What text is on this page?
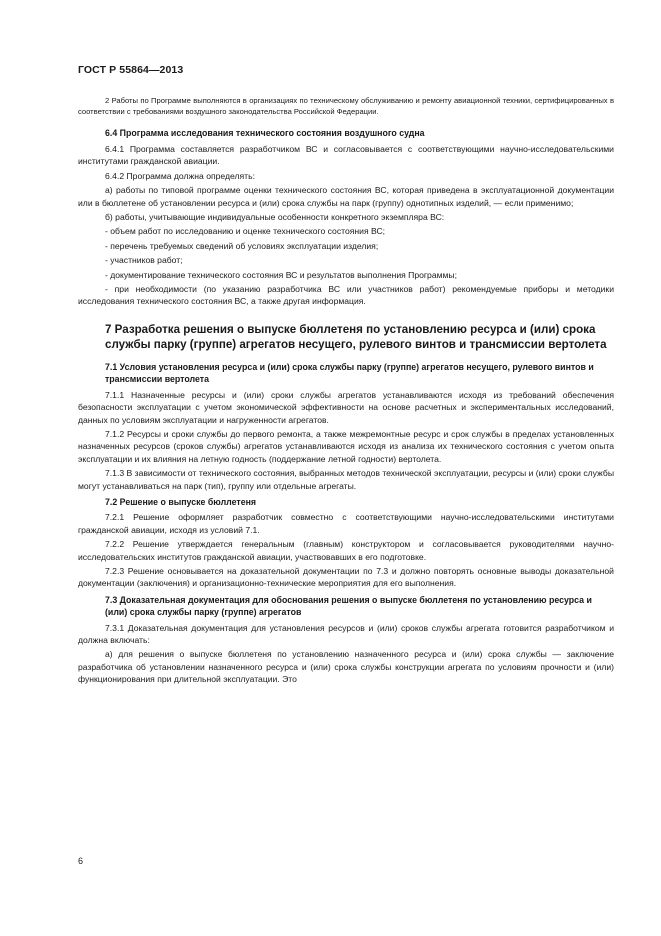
ГОСТ Р 55864—2013

2 Работы по Программе выполняются в организациях по техническому обслуживанию и ремонту авиационной техники, сертифицированных в соответствии с требованиями воздушного законодательства Российской Федерации.

6.4 Программа исследования технического состояния воздушного судна

6.4.1 Программа составляется разработчиком ВС и согласовывается с соответствующими научно-исследовательскими институтами гражданской авиации.

6.4.2 Программа должна определять:

а) работы по типовой программе оценки технического состояния ВС, которая приведена в эксплуатационной документации или в бюллетене об установлении ресурса и (или) срока службы на парк (группу) однотипных изделий, — если применимо;

б) работы, учитывающие индивидуальные особенности конкретного экземпляра ВС:

- объем работ по исследованию и оценке технического состояния ВС;

- перечень требуемых сведений об условиях эксплуатации изделия;

- участников работ;

- документирование технического состояния ВС и результатов выполнения Программы;

- при необходимости (по указанию разработчика ВС или участников работ) рекомендуемые приборы и методики исследования технического состояния ВС, а также другая информация.

7 Разработка решения о выпуске бюллетеня по установлению ресурса и (или) срока службы парку (группе) агрегатов несущего, рулевого винтов и трансмиссии вертолета
7.1 Условия установления ресурса и (или) срока службы парку (группе) агрегатов несущего, рулевого винтов и трансмиссии вертолета

7.1.1 Назначенные ресурсы и (или) сроки службы агрегатов устанавливаются исходя из требований обеспечения безопасности эксплуатации с учетом экономической эффективности на основе расчетных и экспериментальных исследований, данных по условиям эксплуатации и нагруженности агрегатов.

7.1.2 Ресурсы и сроки службы до первого ремонта, а также межремонтные ресурс и срок службы в пределах установленных назначенных ресурсов (сроков службы) агрегатов устанавливаются исходя из анализа их технического состояния с учетом опыта эксплуатации и их влияния на летную годность (поддержание летной годности) вертолета.

7.1.3 В зависимости от технического состояния, выбранных методов технической эксплуатации, ресурсы и (или) сроки службы могут устанавливаться на парк (тип), группу или отдельные агрегаты.

7.2 Решение о выпуске бюллетеня

7.2.1 Решение оформляет разработчик совместно с соответствующими научно-исследовательскими институтами гражданской авиации, исходя из условий 7.1.

7.2.2 Решение утверждается генеральным (главным) конструктором и согласовывается руководителями научно-исследовательских институтов гражданской авиации, участвовавших в его подготовке.

7.2.3 Решение основывается на доказательной документации по 7.3 и должно повторять основные выводы доказательной документации (заключения) и организационно-технические мероприятия для его выполнения.

7.3 Доказательная документация для обоснования решения о выпуске бюллетеня по установлению ресурса и (или) срока службы парку (группе) агрегатов

7.3.1 Доказательная документация для установления ресурсов и (или) сроков службы агрегата готовится разработчиком и должна включать:

а) для решения о выпуске бюллетеня по установлению назначенного ресурса и (или) срока службы — заключение разработчика об установлении назначенного ресурса и (или) срока службы конструкции агрегата по условиям прочности и (или) функционирования при длительной эксплуатации. Это

6
